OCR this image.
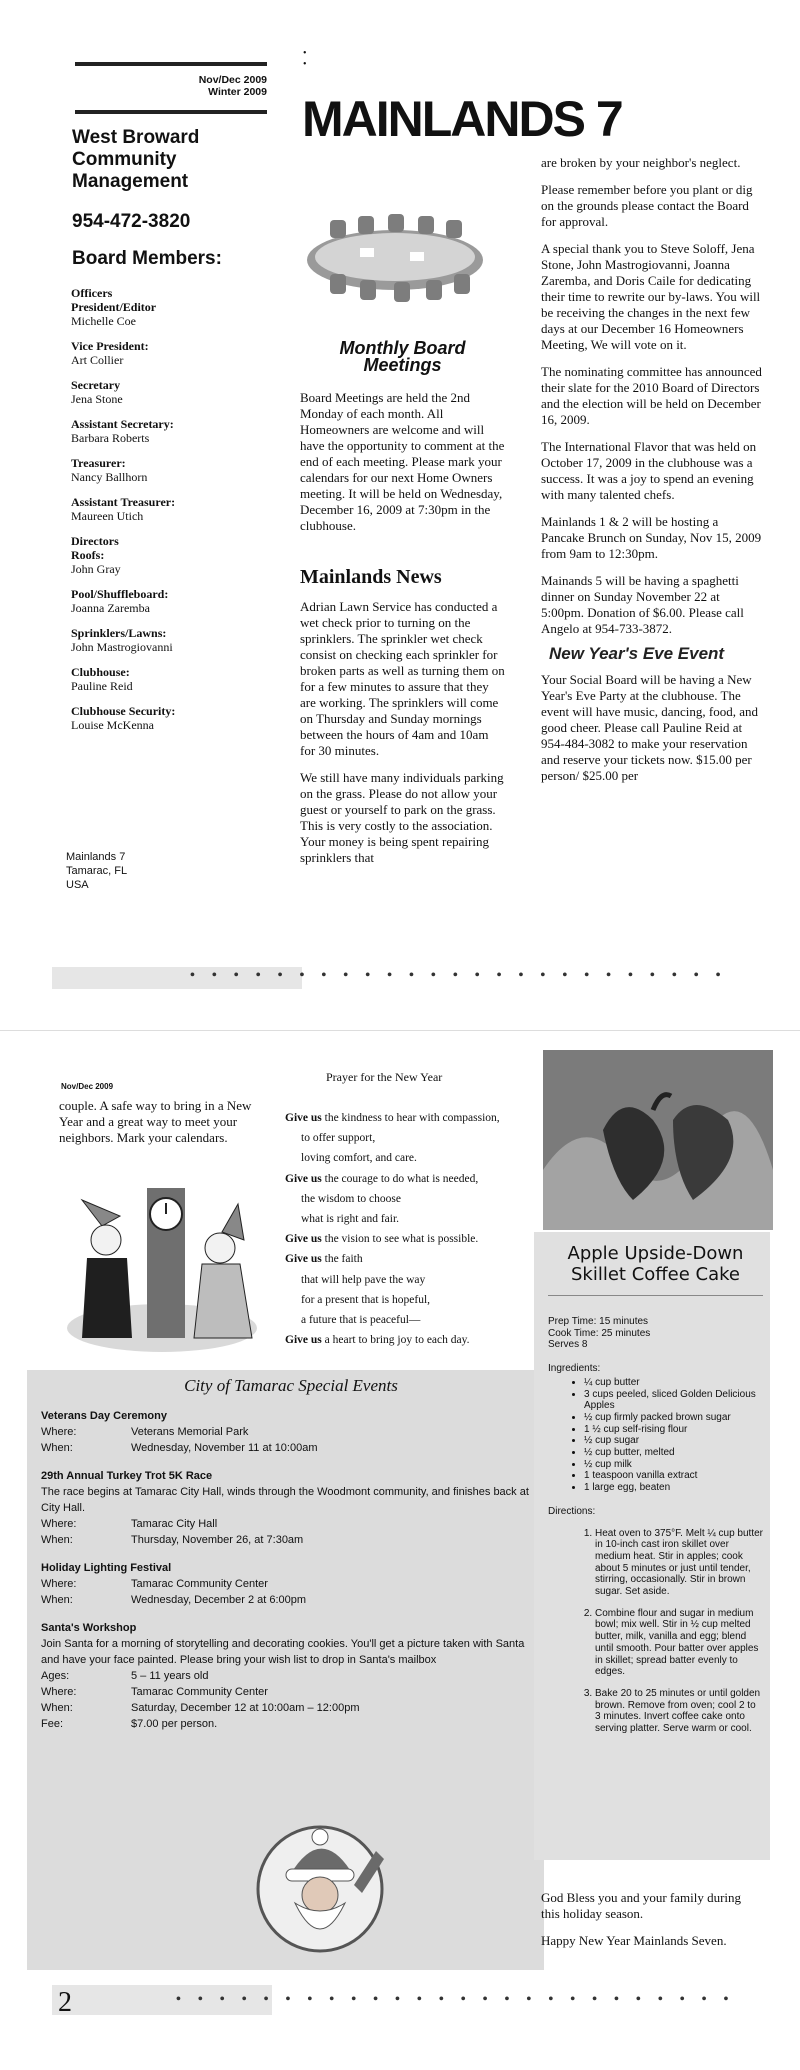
•
•
Nov/Dec 2009
Winter 2009
West Broward Community Management
954-472-3820
Board Members:
Officers
President/Editor
Michelle Coe
Vice President:
Art Collier
Secretary
Jena Stone
Assistant Secretary:
Barbara Roberts
Treasurer:
Nancy Ballhorn
Assistant Treasurer:
Maureen Utich
Directors
Roofs:
John Gray
Pool/Shuffleboard:
Joanna Zaremba
Sprinklers/Lawns:
John Mastrogiovanni
Clubhouse:
Pauline Reid
Clubhouse Security:
Louise McKenna
Mainlands 7
Tamarac, FL
USA
MAINLANDS 7
Monthly Board Meetings

Board Meetings are held the 2nd Monday of each month. All Homeowners are welcome and will have the opportunity to comment at the end of each meeting. Please mark your calendars for our next Home Owners meeting. It will be held on Wednesday, December 16, 2009 at 7:30pm in the clubhouse.

Mainlands News

Adrian Lawn Service has conducted a wet check prior to turning on the sprinklers. The sprinkler wet check consist on checking each sprinkler for broken parts as well as turning them on for a few minutes to assure that they are working. The sprinklers will come on Thursday and Sunday mornings between the hours of 4am and 10am for 30 minutes.

We still have many individuals parking on the grass. Please do not allow your guest or yourself to park on the grass. This is very costly to the association. Your money is being spent repairing sprinklers that

are broken by your neighbor's neglect.

Please remember before you plant or dig on the grounds please contact the Board for approval.

A special thank you to Steve Soloff, Jena Stone, John Mastrogiovanni, Joanna Zaremba, and Doris Caile for dedicating their time to rewrite our by-laws. You will be receiving the changes in the next few days at our December 16 Homeowners Meeting, We will vote on it.

The nominating committee has announced their slate for the 2010 Board of Directors and the election will be held on December 16, 2009.

The International Flavor that was held on October 17, 2009 in the clubhouse was a success. It was a joy to spend an evening with many talented chefs.

Mainlands 1 & 2 will be hosting a Pancake Brunch on Sunday, Nov 15, 2009 from 9am to 12:30pm.

Mainands 5 will be having a spaghetti dinner on Sunday November 22 at 5:00pm. Donation of $6.00. Please call Angelo at 954-733-3872.

New Year's Eve Event

Your Social Board will be having a New Year's Eve Party at the clubhouse. The event will have music, dancing, food, and good cheer. Please call Pauline Reid at 954-484-3082 to make your reservation and reserve your tickets now. $15.00 per person/ $25.00 per

•••••••••••••••••••••••••
Nov/Dec 2009
couple. A safe way to bring in a New Year and a great way to meet your neighbors. Mark your calendars.
Prayer for the New Year
Give us the kindness to hear with compassion,
to offer support,
loving comfort, and care.
Give us the courage to do what is needed,
the wisdom to choose
what is right and fair.
Give us the vision to see what is possible.
Give us the faith
that will help pave the way
for a present that is hopeful,
a future that is peaceful—
Give us a heart to bring joy to each day.
City of Tamarac Special Events
Veterans Day Ceremony
Where:	Veterans Memorial Park
When:	Wednesday, November 11 at 10:00am
29th Annual Turkey Trot 5K Race
The race begins at Tamarac City Hall, winds through the Woodmont community, and finishes back at City Hall.
Where:	Tamarac City Hall
When:	Thursday, November 26, at 7:30am
Holiday Lighting Festival
Where:	Tamarac Community Center
When:	Wednesday, December 2 at 6:00pm
Santa's Workshop
Join Santa for a morning of storytelling and decorating cookies. You'll get a picture taken with Santa and have your face painted. Please bring your wish list to drop in Santa's mailbox
Ages:	5 – 11 years old
Where:	Tamarac Community Center
When:	Saturday, December 12 at 10:00am – 12:00pm
Fee:	$7.00 per person.
Apple Upside-Down Skillet Coffee Cake
Prep Time: 15 minutes
Cook Time: 25 minutes
Serves 8
Ingredients:
• ¼ cup butter
• 3 cups peeled, sliced Golden Delicious Apples
• ½ cup firmly packed brown sugar
• 1 ½ cup self-rising flour
• ½ cup sugar
• ½ cup butter, melted
• ½ cup milk
• 1 teaspoon vanilla extract
• 1 large egg, beaten
Directions:
1. Heat oven to 375°F. Melt ¼ cup butter in 10-inch cast iron skillet over medium heat. Stir in apples; cook about 5 minutes or just until tender, stirring, occasionally. Stir in brown sugar. Set aside.
2. Combine flour and sugar in medium bowl; mix well. Stir in ½ cup melted butter, milk, vanilla and egg; blend until smooth. Pour batter over apples in skillet; spread batter evenly to edges.
3. Bake 20 to 25 minutes or until golden brown. Remove from oven; cool 2 to 3 minutes. Invert coffee cake onto serving platter. Serve warm or cool.

God Bless you and your family during this holiday season.

Happy New Year Mainlands Seven.

2	••••••••••••••••••••••••••
